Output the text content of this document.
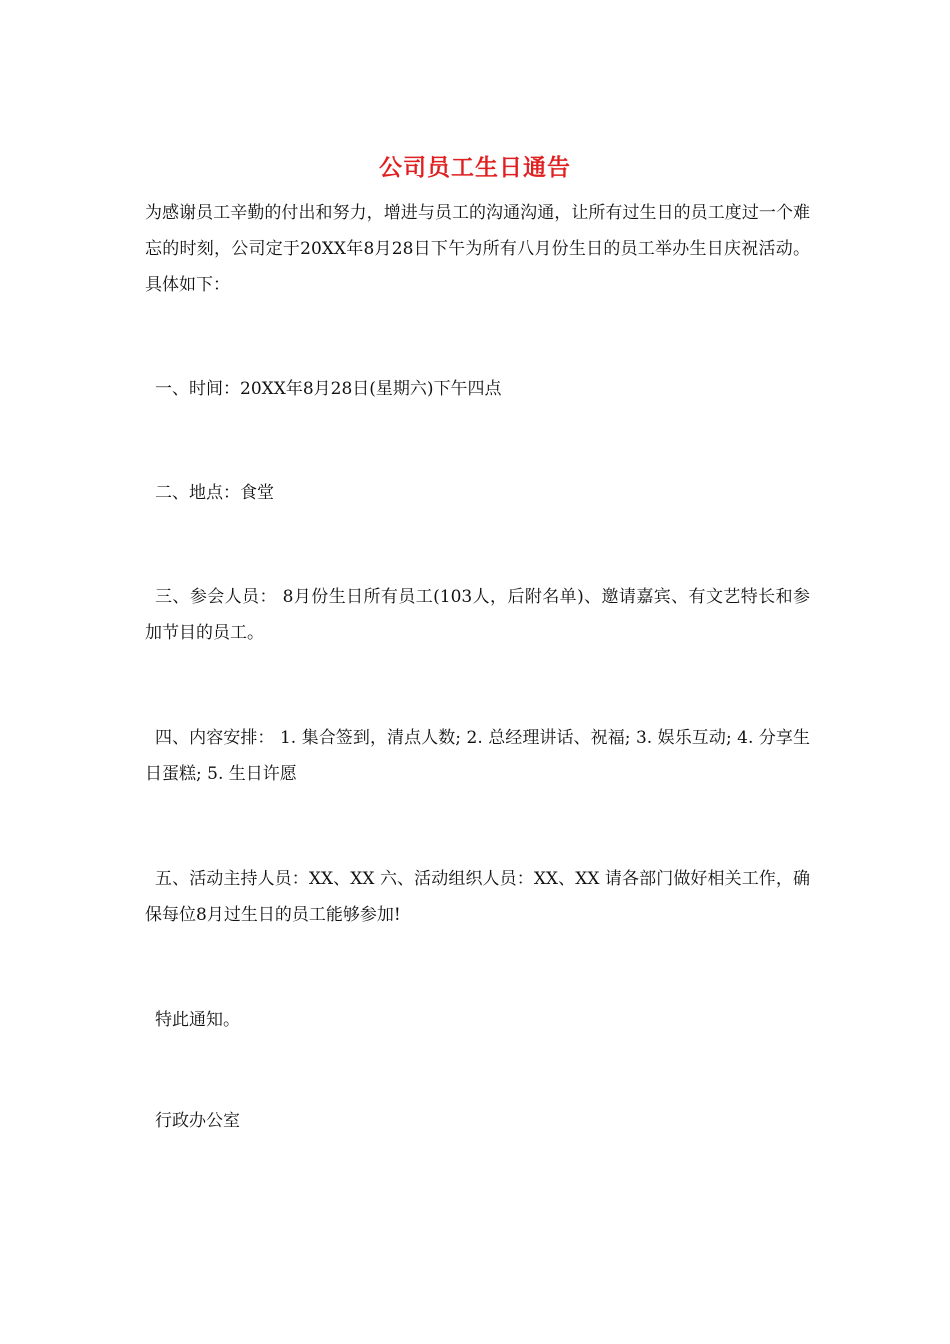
公司员工生日通告
为感谢员工辛勤的付出和努力，增进与员工的沟通沟通，让所有过生日的员工度过一个难忘的时刻，公司定于20XX年8月28日下午为所有八月份生日的员工举办生日庆祝活动。具体如下：
一、时间：20XX年8月28日(星期六)下午四点
二、地点：食堂
三、参会人员： 8月份生日所有员工(103人，后附名单)、邀请嘉宾、有文艺特长和参加节目的员工。
四、内容安排： 1. 集合签到，清点人数; 2. 总经理讲话、祝福; 3. 娱乐互动; 4. 分享生日蛋糕; 5. 生日许愿
五、活动主持人员：XX、XX 六、活动组织人员：XX、XX 请各部门做好相关工作，确保每位8月过生日的员工能够参加!
特此通知。
行政办公室
